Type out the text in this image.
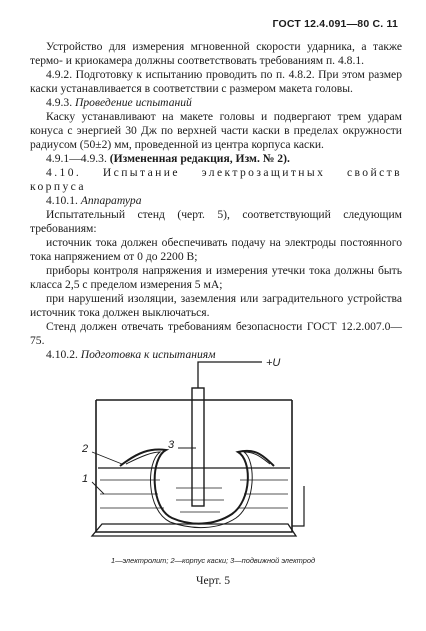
ГОСТ 12.4.091—80 С. 11

Устройство для измерения мгновенной скорости ударника, а также термо- и криокамера должны соответствовать требованиям п. 4.8.1.

4.9.2. Подготовку к испытанию проводить по п. 4.8.2. При этом размер каски устанавливается в соответствии с размером макета головы.

4.9.3. Проведение испытаний

Каску устанавливают на макете головы и подвергают трем ударам конуса с энергией 30 Дж по верхней части каски в пределах окружности радиусом (50±2) мм, проведенной из центра корпуса каски.

4.9.1—4.9.3. (Измененная редакция, Изм. № 2).

4.10. Испытание электрозащитных свойств корпуса

4.10.1. Аппаратура

Испытательный стенд (черт. 5), соответствующий следующим требованиям:

источник тока должен обеспечивать подачу на электроды постоянного тока напряжением от 0 до 2200 В;

приборы контроля напряжения и измерения утечки тока должны быть класса 2,5 с пределом измерения 5 мА;

при нарушений изоляции, заземления или заградительного устройства источник тока должен выключаться.

Стенд должен отвечать требованиям безопасности ГОСТ 12.2.007.0—75.

4.10.2. Подготовка к испытаниям

+U
3
2
1
1—электролит; 2—корпус каски; 3—подвижной электрод
Черт. 5
